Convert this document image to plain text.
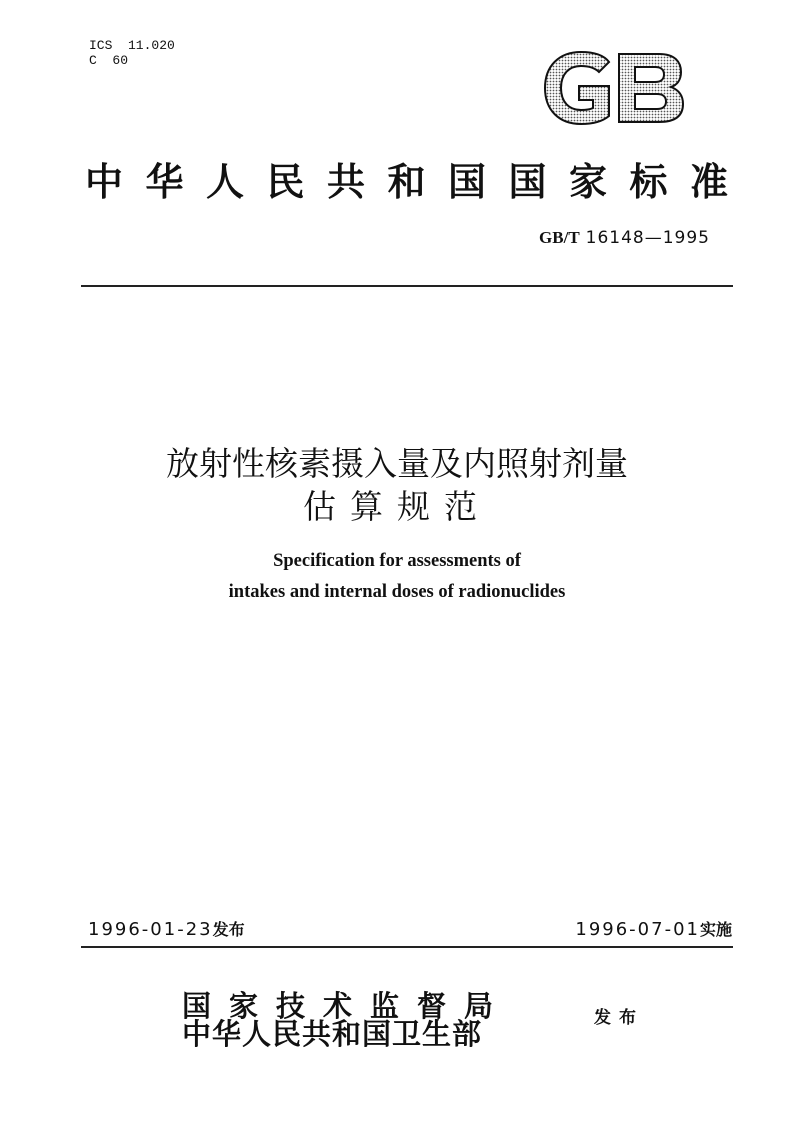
ICS  11.020
C  60
中华人民共和国国家标准
GB/T 16148—1995
放射性核素摄入量及内照射剂量
估算规范
Specification for assessments of
intakes and internal doses of radionuclides
1996-01-23发布	1996-07-01实施
国家技术监督局
中华人民共和国卫生部	发布
